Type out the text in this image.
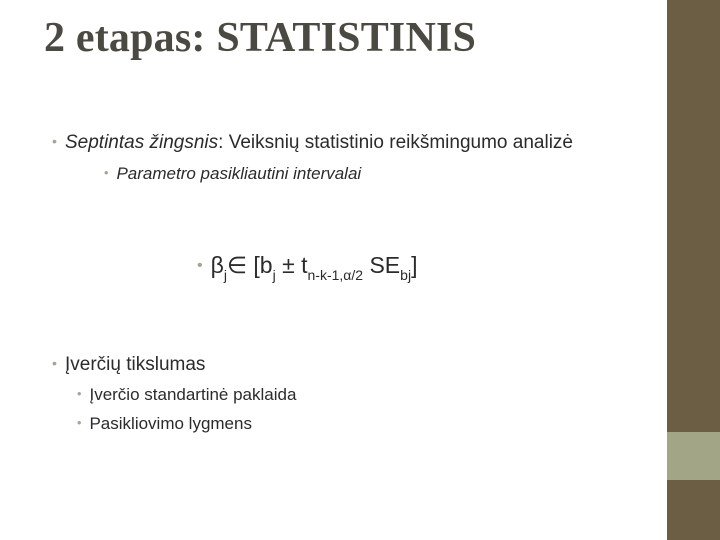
2 etapas: STATISTINIS
• Septintas žingsnis: Veiksnių statistinio reikšmingumo analizė
• Parametro pasikliautini intervalai
• $\beta_j\in$ [$b_j \pm t_{n-k-1,\alpha/2}$ $SE_{bj}$]
• Įverčių tikslumas
• Įverčio standartinė paklaida
• Pasikliovimo lygmens
